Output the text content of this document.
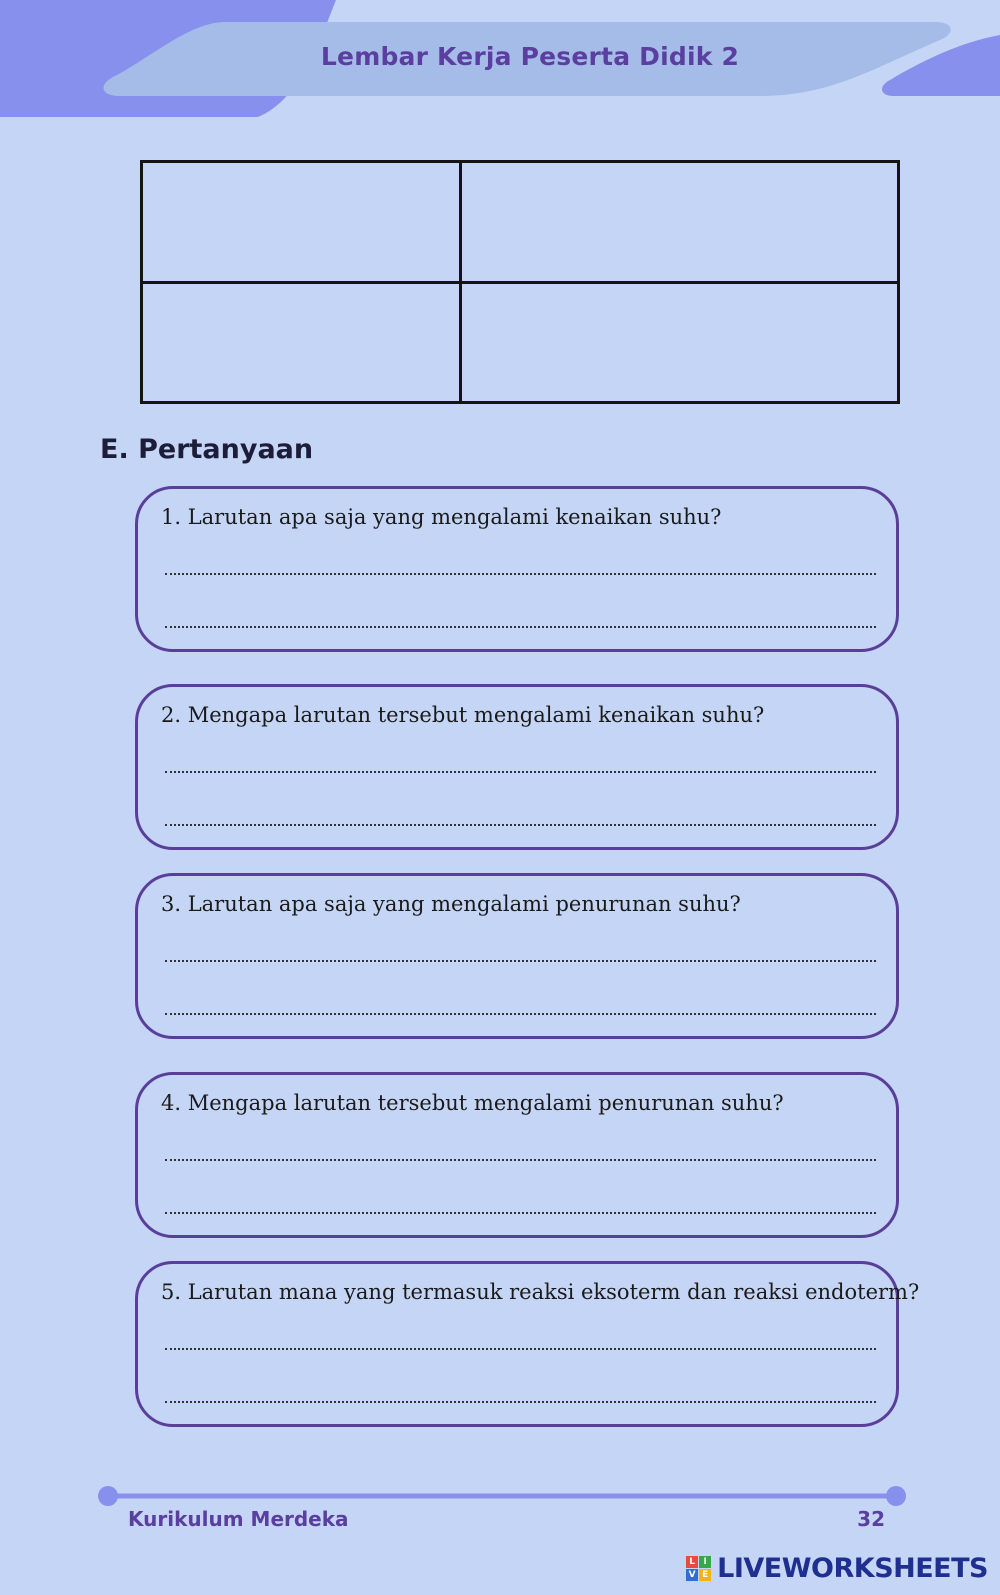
Lembar Kerja Peserta Didik 2

E. Pertanyaan
1. Larutan apa saja yang mengalami kenaikan suhu?
2. Mengapa larutan tersebut mengalami kenaikan suhu?
3. Larutan apa saja yang mengalami penurunan suhu?
4. Mengapa larutan tersebut mengalami penurunan suhu?
5. Larutan mana yang termasuk reaksi eksoterm dan reaksi endoterm?
Kurikulum Merdeka	32
L I
V E LIVEWORKSHEETS
